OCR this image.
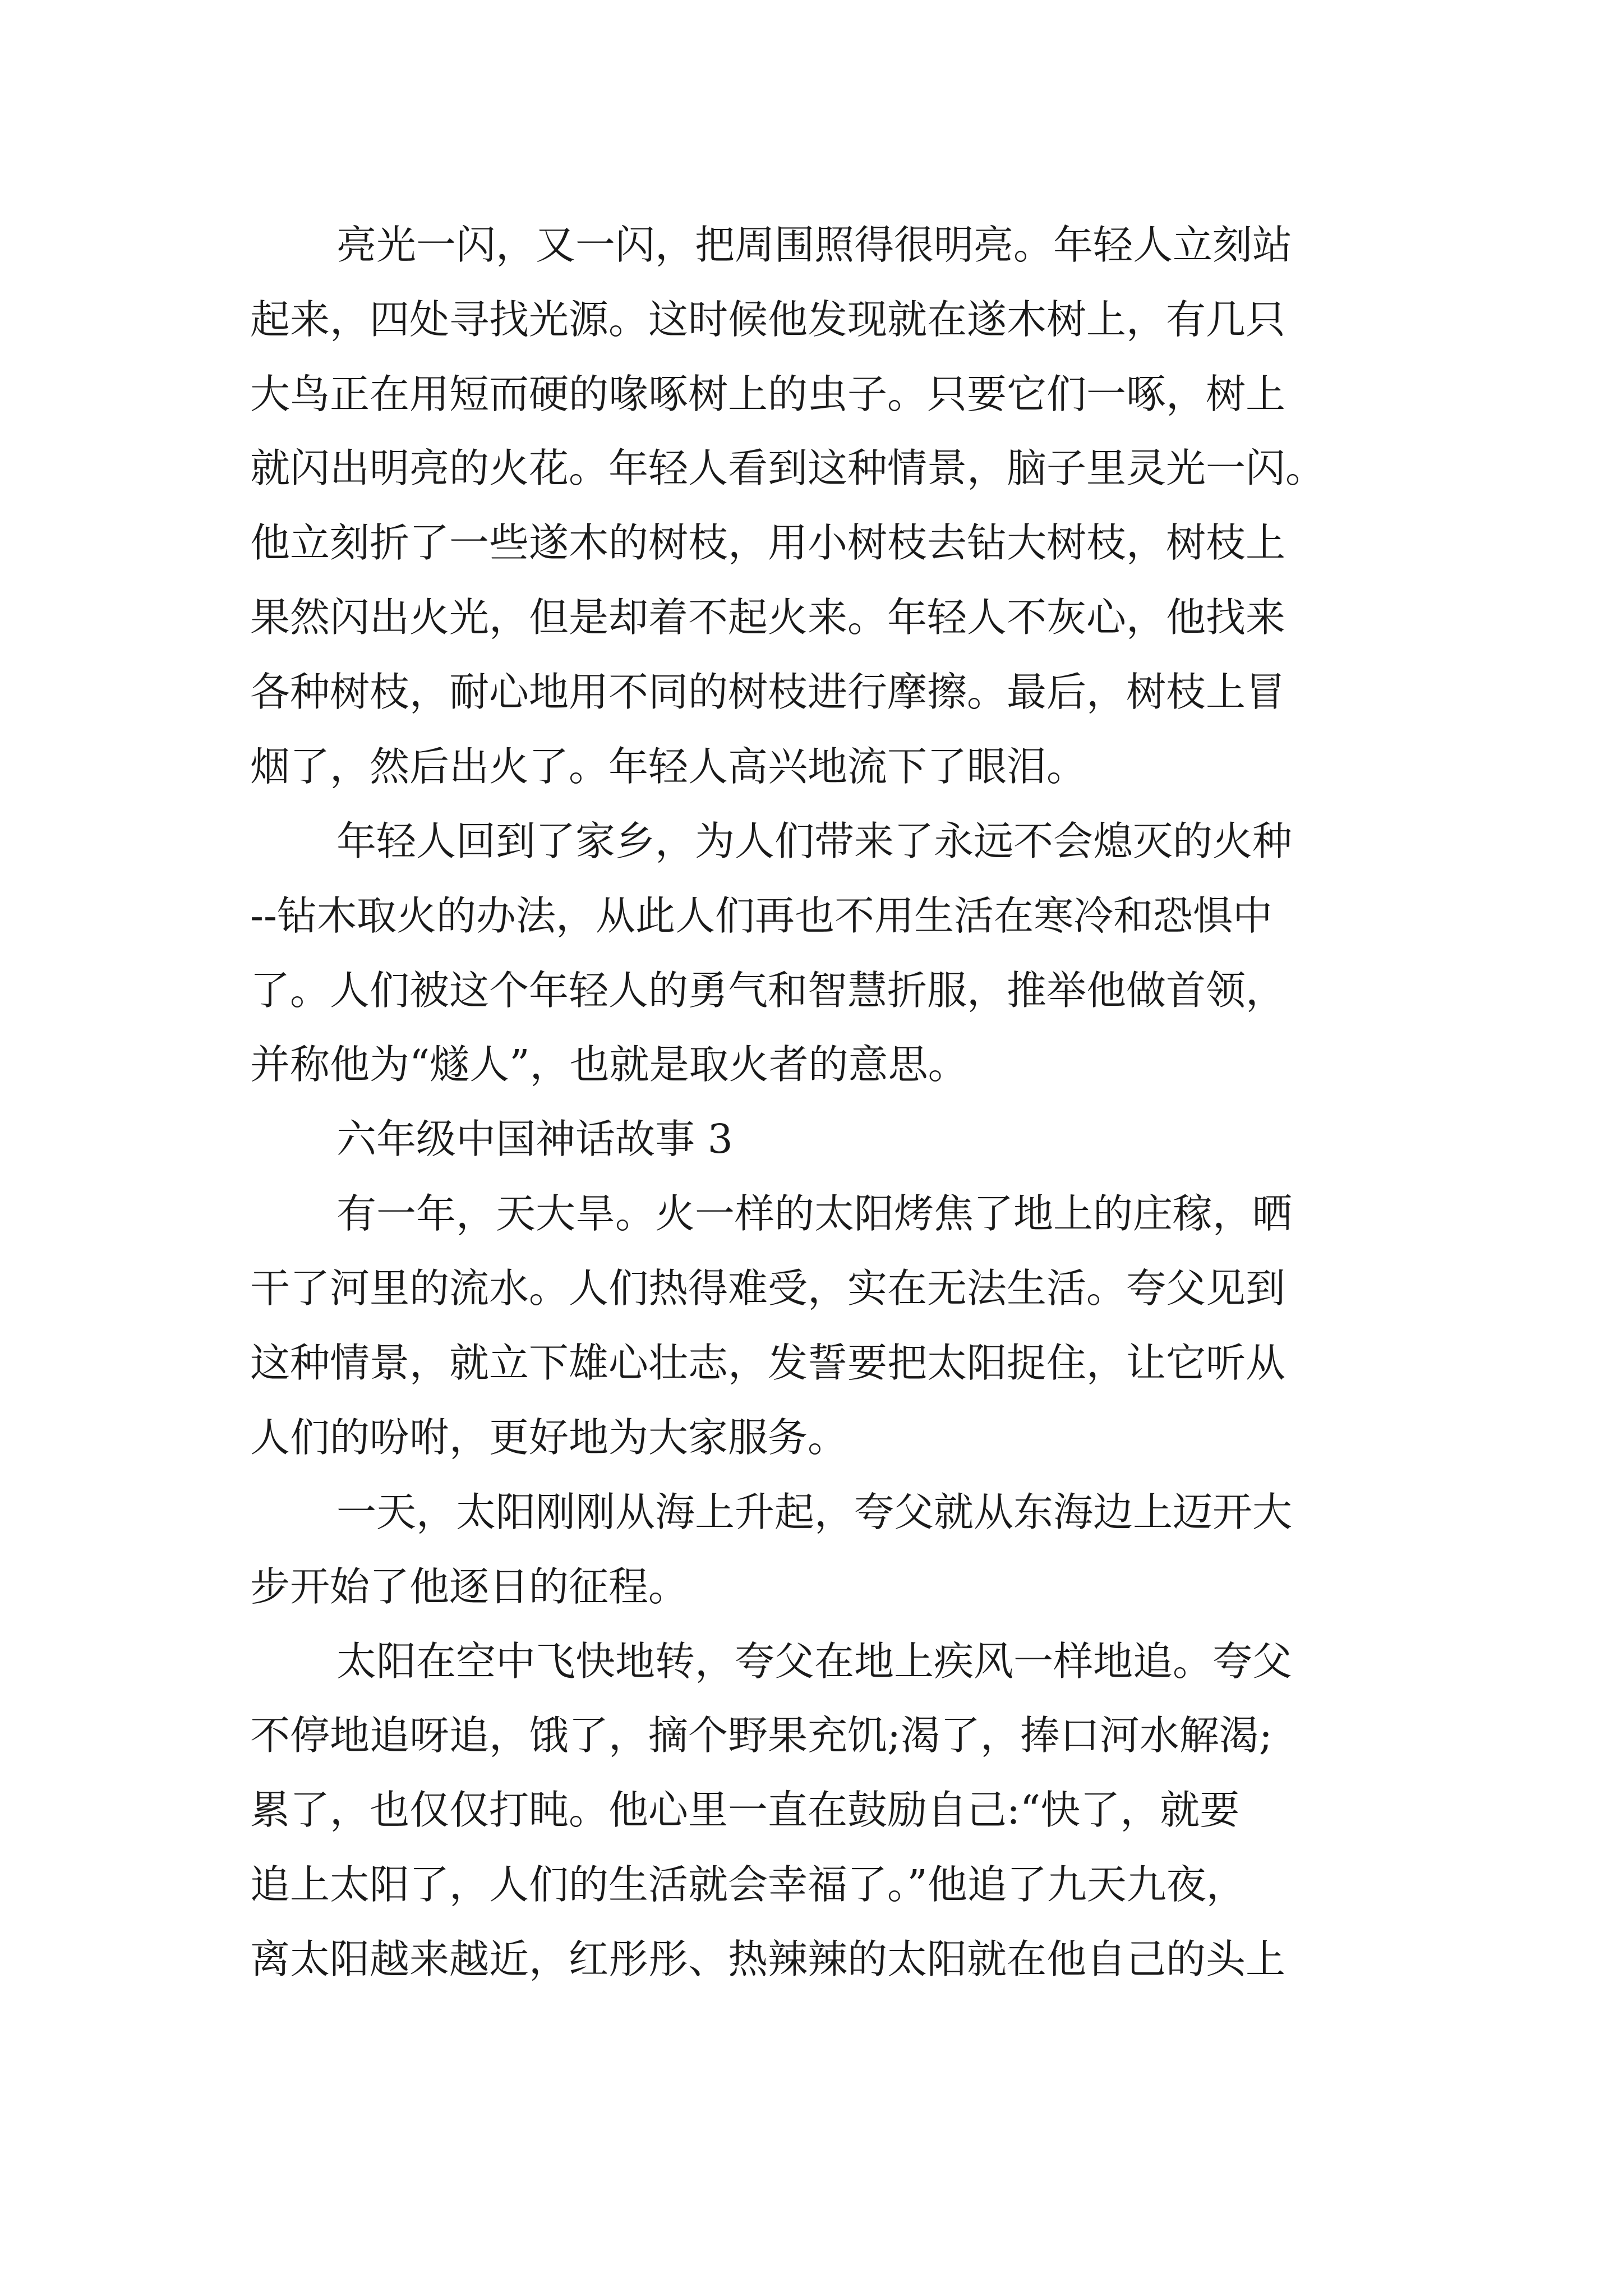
亮光一闪，又一闪，把周围照得很明亮。年轻人立刻站
起来，四处寻找光源。这时候他发现就在遂木树上，有几只
大鸟正在用短而硬的喙啄树上的虫子。只要它们一啄，树上
就闪出明亮的火花。年轻人看到这种情景，脑子里灵光一闪。
他立刻折了一些遂木的树枝，用小树枝去钻大树枝，树枝上
果然闪出火光，但是却着不起火来。年轻人不灰心，他找来
各种树枝，耐心地用不同的树枝进行摩擦。最后，树枝上冒
烟了，然后出火了。年轻人高兴地流下了眼泪。
年轻人回到了家乡，为人们带来了永远不会熄灭的火种
--钻木取火的办法，从此人们再也不用生活在寒冷和恐惧中
了。人们被这个年轻人的勇气和智慧折服，推举他做首领，
并称他为“燧人”，也就是取火者的意思。
六年级中国神话故事 3
有一年，天大旱。火一样的太阳烤焦了地上的庄稼，晒
干了河里的流水。人们热得难受，实在无法生活。夸父见到
这种情景，就立下雄心壮志，发誓要把太阳捉住，让它听从
人们的吩咐，更好地为大家服务。
一天，太阳刚刚从海上升起，夸父就从东海边上迈开大
步开始了他逐日的征程。
太阳在空中飞快地转，夸父在地上疾风一样地追。夸父
不停地追呀追，饿了，摘个野果充饥;渴了，捧口河水解渴;
累了，也仅仅打盹。他心里一直在鼓励自己:“快了，就要
追上太阳了，人们的生活就会幸福了。”他追了九天九夜，
离太阳越来越近，红彤彤、热辣辣的太阳就在他自己的头上
